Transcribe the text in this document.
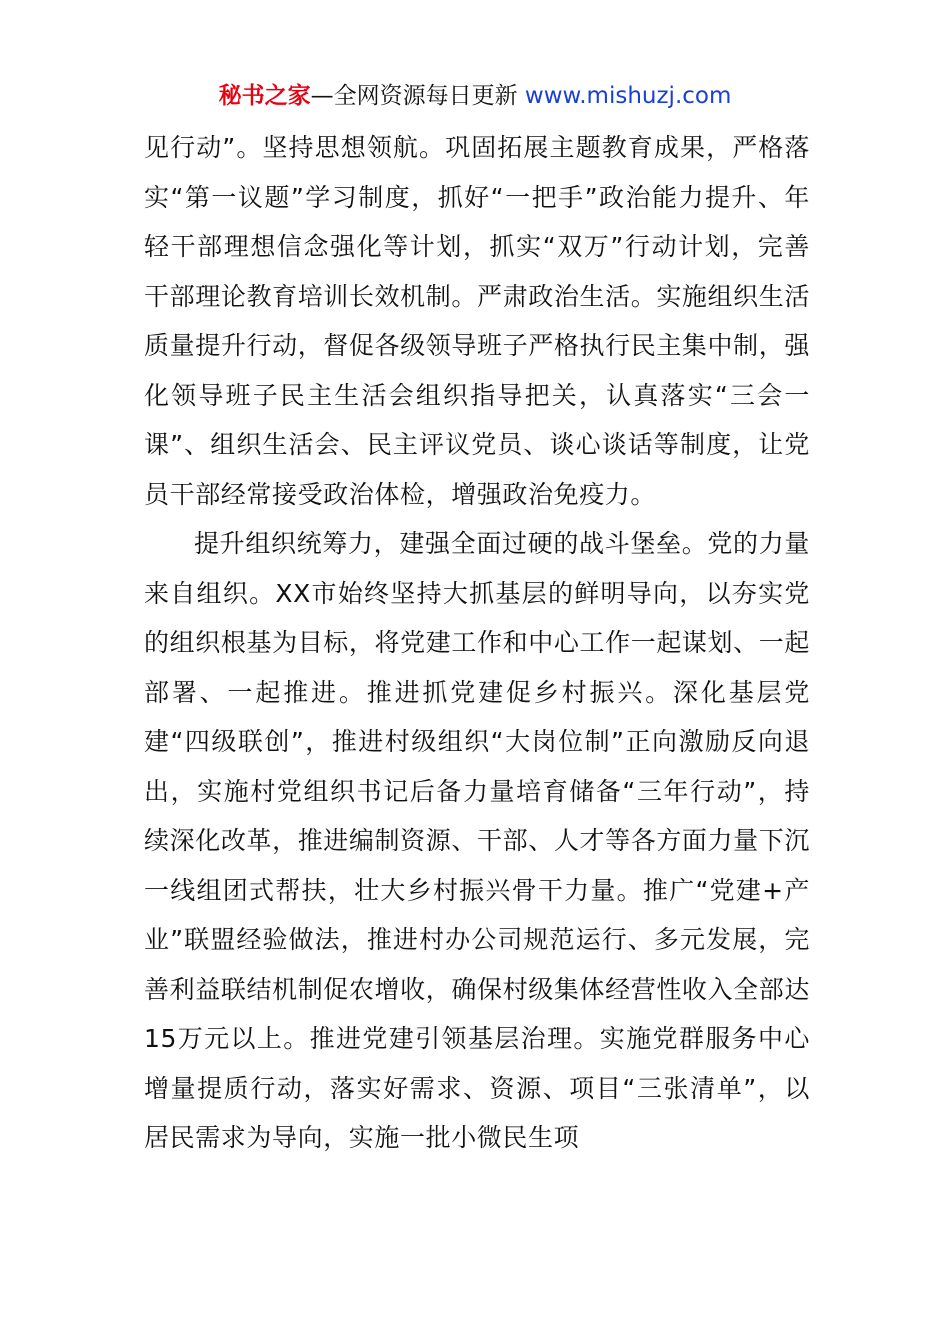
秘书之家—全网资源每日更新 www.mishuzj.com

见行动”。坚持思想领航。巩固拓展主题教育成果，严格落实“第一议题”学习制度，抓好“一把手”政治能力提升、年轻干部理想信念强化等计划，抓实“双万”行动计划，完善干部理论教育培训长效机制。严肃政治生活。实施组织生活质量提升行动，督促各级领导班子严格执行民主集中制，强化领导班子民主生活会组织指导把关，认真落实“三会一课”、组织生活会、民主评议党员、谈心谈话等制度，让党员干部经常接受政治体检，增强政治免疫力。

提升组织统筹力，建强全面过硬的战斗堡垒。党的力量来自组织。XX市始终坚持大抓基层的鲜明导向，以夯实党的组织根基为目标，将党建工作和中心工作一起谋划、一起部署、一起推进。推进抓党建促乡村振兴。深化基层党建“四级联创”，推进村级组织“大岗位制”正向激励反向退出，实施村党组织书记后备力量培育储备“三年行动”，持续深化改革，推进编制资源、干部、人才等各方面力量下沉一线组团式帮扶，壮大乡村振兴骨干力量。推广“党建+产业”联盟经验做法，推进村办公司规范运行、多元发展，完善利益联结机制促农增收，确保村级集体经营性收入全部达15万元以上。推进党建引领基层治理。实施党群服务中心增量提质行动，落实好需求、资源、项目“三张清单”，以居民需求为导向，实施一批小微民生项
